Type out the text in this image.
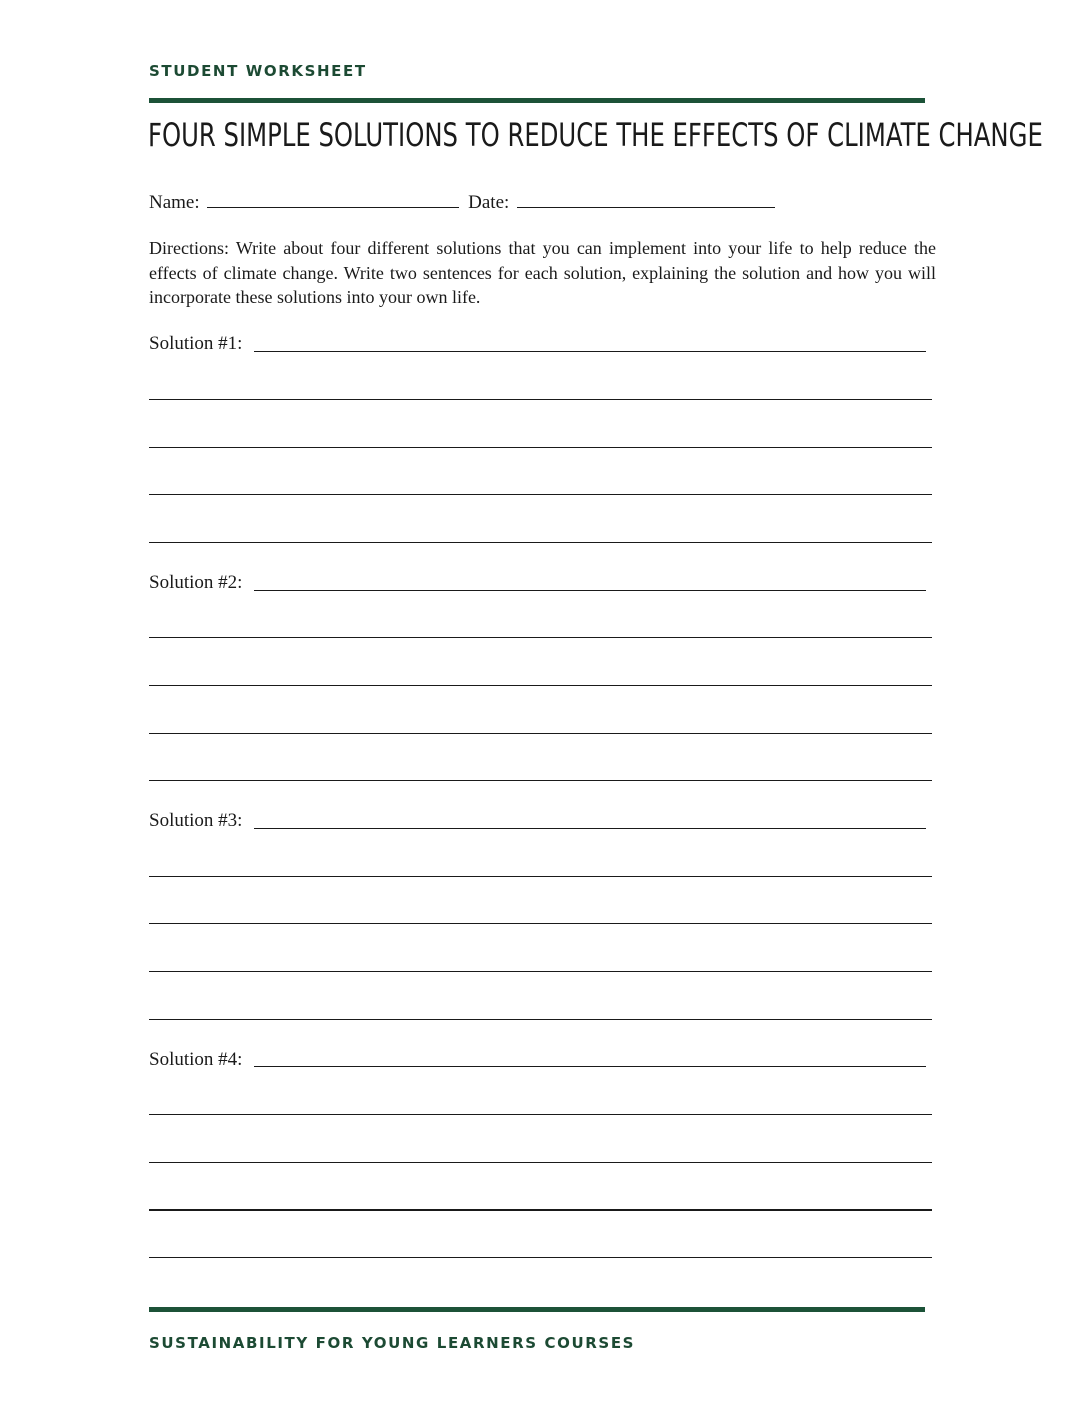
STUDENT WORKSHEET
FOUR SIMPLE SOLUTIONS TO REDUCE THE EFFECTS OF CLIMATE CHANGE
Name:	Date:
Directions: Write about four different solutions that you can implement into your life to help reduce the effects of climate change. Write two sentences for each solution, explaining the solution and how you will incorporate these solutions into your own life.
Solution #1:
Solution #2:
Solution #3:
Solution #4:
SUSTAINABILITY FOR YOUNG LEARNERS COURSES
